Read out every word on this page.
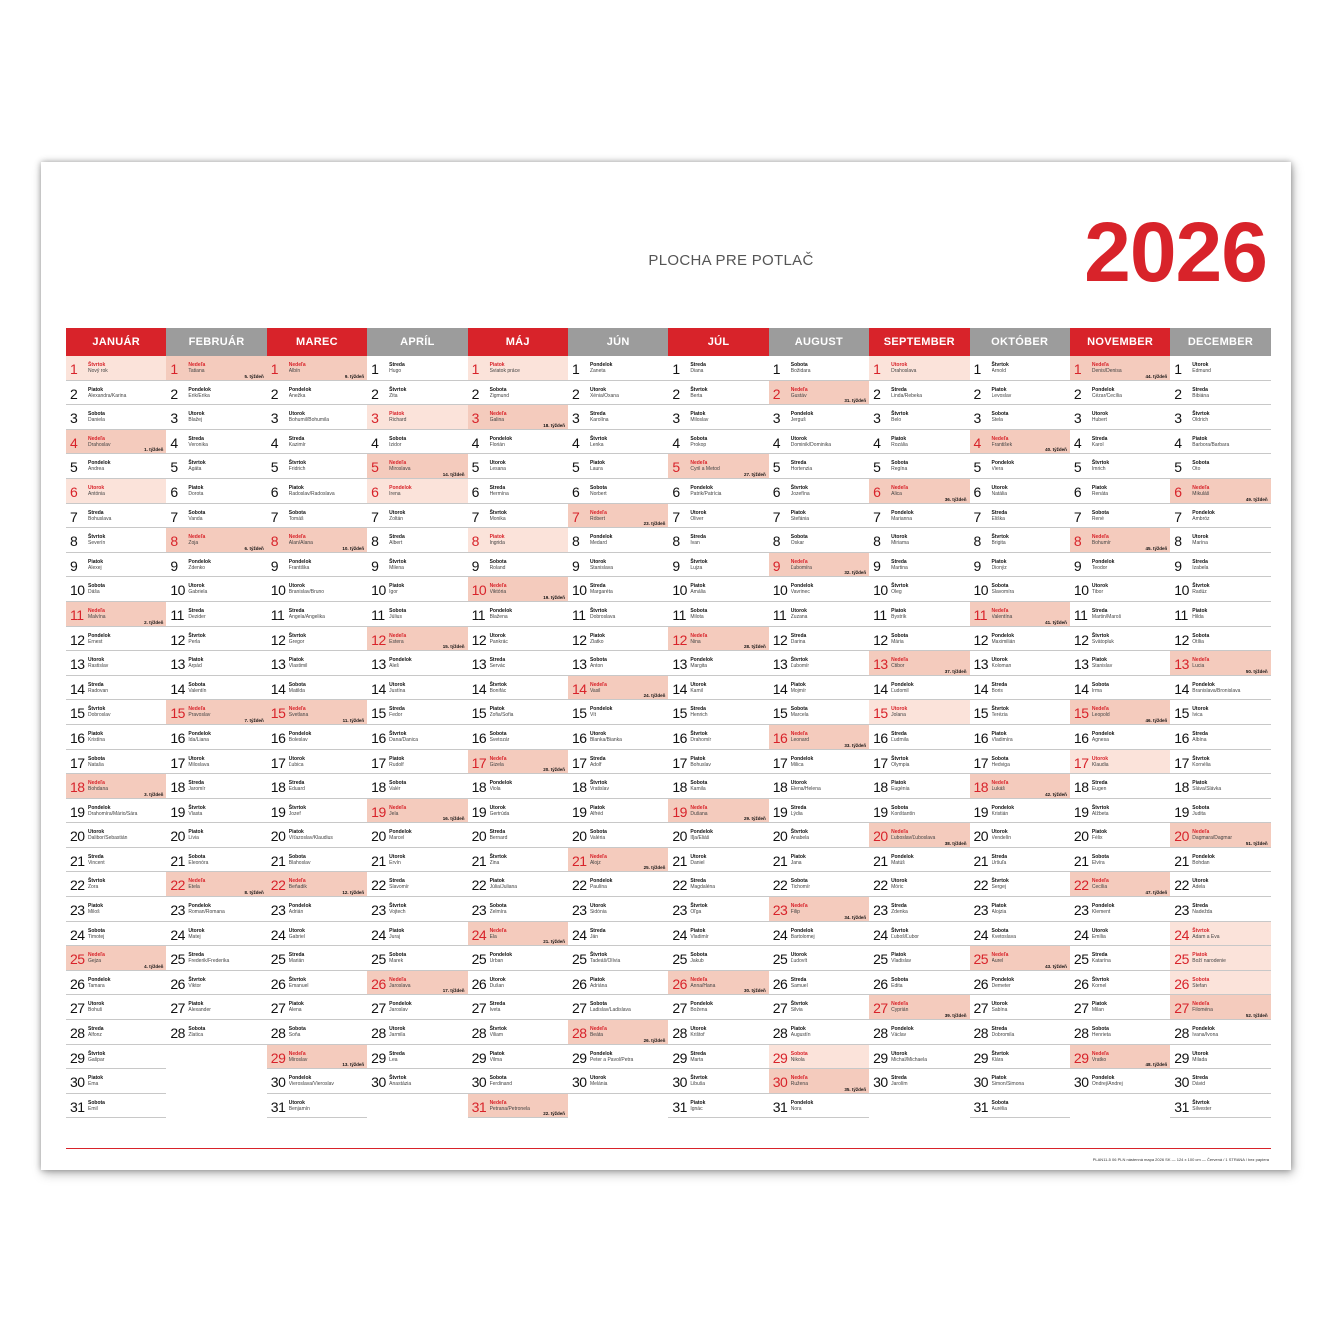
PLOCHA PRE POTLAČ	2026
JANUÁR
1	Štvrtok
Nový rok
2	Piatok
Alexandra/Karina
3	Sobota
Daniela
4	Nedeľa
Drahoslav
1. týždeň
5	Pondelok
Andrea
6	Utorok
Antónia
7	Streda
Bohuslava
8	Štvrtok
Severín
9	Piatok
Alexej
10 Sobota
Dáša
11 Nedeľa
Malvína
2. týždeň
12 Pondelok
Ernest
13 Utorok
Rastislav
14 Streda
Radovan
15 Štvrtok
Dobroslav
16 Piatok
Kristína
17 Sobota
Nataša
18 Nedeľa
Bohdana
3. týždeň
19 Pondelok
Drahomíra/Mário/Sára
20 Utorok
Dalibor/Sebastián
21 Streda
Vincent
22 Štvrtok
Zora
23 Piatok
Miloš
24 Sobota
Timotej
25 Nedeľa
Gejza
4. týždeň
26 Pondelok
Tamara
27 Utorok
Bohuš
28 Streda
Alfonz
29 Štvrtok
Gašpar
30 Piatok
Ema
31 Sobota
Emil
FEBRUÁR
1	Nedeľa
Tatiana
5. týždeň
2	Pondelok
Erik/Erika
3	Utorok
Blažej
4	Streda
Veronika
5	Štvrtok
Agáta
6	Piatok
Dorota
7	Sobota
Vanda
8	Nedeľa
Zoja
6. týždeň
9	Pondelok
Zdenko
10 Utorok
Gabriela
11 Streda
Dezider
12 Štvrtok
Perla
13 Piatok
Arpád
14 Sobota
Valentín
15 Nedeľa
Pravoslav
7. týždeň
16 Pondelok
Ida/Liana
17 Utorok
Miloslava
18 Streda
Jaromír
19 Štvrtok
Vlasta
20 Piatok
Lívia
21 Sobota
Eleonóra
22 Nedeľa
Etela
8. týždeň
23 Pondelok
Roman/Romana
24 Utorok
Matej
25 Streda
Frederik/Frederika
26 Štvrtok
Viktor
27 Piatok
Alexander
28 Sobota
Zlatica
MAREC
1	Nedeľa
Albín
9. týždeň
2	Pondelok
Anežka
3	Utorok
Bohumil/Bohumila
4	Streda
Kazimír
5	Štvrtok
Fridrich
6	Piatok
Radoslav/Radoslava
7	Sobota
Tomáš
8	Nedeľa
Alan/Alana
10. týždeň
9	Pondelok
Františka
10 Utorok
Branislav/Bruno
11 Streda
Angela/Angelika
12 Štvrtok
Gregor
13 Piatok
Vlastimil
14 Sobota
Matilda
15 Nedeľa
Svetlana
11. týždeň
16 Pondelok
Boleslav
17 Utorok
Ľubica
18 Streda
Eduard
19 Štvrtok
Jozef
20 Piatok
Víťazoslav/Klaudius
21 Sobota
Blahoslav
22 Nedeľa
Beňadik
12. týždeň
23 Pondelok
Adrián
24 Utorok
Gabriel
25 Streda
Marián
26 Štvrtok
Emanuel
27 Piatok
Alena
28 Sobota
Soňa
29 Nedeľa
Miroslav
13. týždeň
30 Pondelok
Vieroslava/Vieroslav
31 Utorok
Benjamín
APRÍL
1	Streda
Hugo
2	Štvrtok
Zita
3	Piatok
Richard
4	Sobota
Izidor
5	Nedeľa
Miroslava
14. týždeň
6	Pondelok
Irena
7	Utorok
Zoltán
8	Streda
Albert
9	Štvrtok
Milena
10 Piatok
Igor
11 Sobota
Július
12 Nedeľa
Estera
15. týždeň
13 Pondelok
Aleš
14 Utorok
Justína
15 Streda
Fedor
16 Štvrtok
Dana/Danica
17 Piatok
Rudolf
18 Sobota
Valér
19 Nedeľa
Jela
16. týždeň
20 Pondelok
Marcel
21 Utorok
Ervín
22 Streda
Slavomír
23 Štvrtok
Vojtech
24 Piatok
Juraj
25 Sobota
Marek
26 Nedeľa
Jaroslava
17. týždeň
27 Pondelok
Jaroslav
28 Utorok
Jarmila
29 Streda
Lea
30 Štvrtok
Anastázia
MÁJ
1	Piatok
Sviatok práce
2	Sobota
Žigmund
3	Nedeľa
Galina
18. týždeň
4	Pondelok
Florián
5	Utorok
Lesana
6	Streda
Hermína
7	Štvrtok
Monika
8	Piatok
Ingrida
9	Sobota
Roland
10 Nedeľa
Viktória
19. týždeň
11 Pondelok
Blažena
12 Utorok
Pankrác
13 Streda
Servác
14 Štvrtok
Bonifác
15 Piatok
Žofia/Sofia
16 Sobota
Svetozár
17 Nedeľa
Gizela
20. týždeň
18 Pondelok
Viola
19 Utorok
Gertrúda
20 Streda
Bernard
21 Štvrtok
Zina
22 Piatok
Júlia/Juliana
23 Sobota
Želmíra
24 Nedeľa
Ela
21. týždeň
25 Pondelok
Urban
26 Utorok
Dušan
27 Streda
Iveta
28 Štvrtok
Viliam
29 Piatok
Vilma
30 Sobota
Ferdinand
31 Nedeľa
Petrana/Petronela
22. týždeň
JÚN
1	Pondelok
Žaneta
2	Utorok
Xénia/Oxana
3	Streda
Karolína
4	Štvrtok
Lenka
5	Piatok
Laura
6	Sobota
Norbert
7	Nedeľa
Róbert
23. týždeň
8	Pondelok
Medard
9	Utorok
Stanislava
10 Streda
Margaréta
11 Štvrtok
Dobroslava
12 Piatok
Zlatko
13 Sobota
Anton
14 Nedeľa
Vasil
24. týždeň
15 Pondelok
Vít
16 Utorok
Blanka/Bianka
17 Streda
Adolf
18 Štvrtok
Vratislav
19 Piatok
Alfréd
20 Sobota
Valéria
21 Nedeľa
Alojz
25. týždeň
22 Pondelok
Paulína
23 Utorok
Sidónia
24 Streda
Ján
25 Štvrtok
Tadeáš/Olívia
26 Piatok
Adriána
27 Sobota
Ladislav/Ladislava
28 Nedeľa
Beáta
26. týždeň
29 Pondelok
Peter a Pavol/Petra
30 Utorok
Melánia
JÚL
1	Streda
Diana
2	Štvrtok
Berta
3	Piatok
Miloslav
4	Sobota
Prokop
5	Nedeľa
Cyril a Metod
27. týždeň
6	Pondelok
Patrik/Patrícia
7	Utorok
Oliver
8	Streda
Ivan
9	Štvrtok
Lujza
10 Piatok
Amália
11 Sobota
Milota
12 Nedeľa
Nina
28. týždeň
13 Pondelok
Margita
14 Utorok
Kamil
15 Streda
Henrich
16 Štvrtok
Drahomír
17 Piatok
Bohuslav
18 Sobota
Kamila
19 Nedeľa
Dušana
29. týždeň
20 Pondelok
Iľja/Eliáš
21 Utorok
Daniel
22 Streda
Magdaléna
23 Štvrtok
Oľga
24 Piatok
Vladimír
25 Sobota
Jakub
26 Nedeľa
Anna/Hana
30. týždeň
27 Pondelok
Božena
28 Utorok
Krištof
29 Streda
Marta
30 Štvrtok
Libuša
31 Piatok
Ignác
AUGUST
1	Sobota
Božidara
2	Nedeľa
Gustáv
31. týždeň
3	Pondelok
Jerguš
4	Utorok
Dominik/Dominika
5	Streda
Hortenzia
6	Štvrtok
Jozefína
7	Piatok
Štefánia
8	Sobota
Oskar
9	Nedeľa
Ľubomíra
32. týždeň
10 Pondelok
Vavrinec
11 Utorok
Zuzana
12 Streda
Darina
13 Štvrtok
Ľubomír
14 Piatok
Mojmír
15 Sobota
Marcela
16 Nedeľa
Leonard
33. týždeň
17 Pondelok
Milica
18 Utorok
Elena/Helena
19 Streda
Lýdia
20 Štvrtok
Anabela
21 Piatok
Jana
22 Sobota
Tichomír
23 Nedeľa
Filip
34. týždeň
24 Pondelok
Bartolomej
25 Utorok
Ľudovít
26 Streda
Samuel
27 Štvrtok
Silvia
28 Piatok
Augustín
29 Sobota
Nikola
30 Nedeľa
Ružena
35. týždeň
31 Pondelok
Nora
SEPTEMBER
1	Utorok
Drahoslava
2	Streda
Linda/Rebeka
3	Štvrtok
Belo
4	Piatok
Rozália
5	Sobota
Regína
6	Nedeľa
Alica
36. týždeň
7	Pondelok
Marianna
8	Utorok
Miriama
9	Streda
Martina
10 Štvrtok
Oleg
11 Piatok
Bystrík
12 Sobota
Mária
13 Nedeľa
Ctibor
37. týždeň
14 Pondelok
Ľudomil
15 Utorok
Jolana
16 Streda
Ľudmila
17 Štvrtok
Olympia
18 Piatok
Eugénia
19 Sobota
Konštantín
20 Nedeľa
Ľuboslav/Ľuboslava
38. týždeň
21 Pondelok
Matúš
22 Utorok
Móric
23 Streda
Zdenka
24 Štvrtok
Ľuboš/Ľubor
25 Piatok
Vladislav
26 Sobota
Edita
27 Nedeľa
Cyprián
39. týždeň
28 Pondelok
Václav
29 Utorok
Michal/Michaela
30 Streda
Jarolím
OKTÓBER
1	Štvrtok
Arnold
2	Piatok
Levoslav
3	Sobota
Stela
4	Nedeľa
František
40. týždeň
5	Pondelok
Viera
6	Utorok
Natália
7	Streda
Eliška
8	Štvrtok
Brigita
9	Piatok
Dionýz
10 Sobota
Slavomíra
11 Nedeľa
Valentína
41. týždeň
12 Pondelok
Maximilián
13 Utorok
Koloman
14 Streda
Boris
15 Štvrtok
Terézia
16 Piatok
Vladimíra
17 Sobota
Hedviga
18 Nedeľa
Lukáš
42. týždeň
19 Pondelok
Kristián
20 Utorok
Vendelín
21 Streda
Uršuľa
22 Štvrtok
Sergej
23 Piatok
Alojzia
24 Sobota
Kvetoslava
25 Nedeľa
Aurel
43. týždeň
26 Pondelok
Demeter
27 Utorok
Sabína
28 Streda
Dobromila
29 Štvrtok
Klára
30 Piatok
Šimon/Simona
31 Sobota
Aurélia
NOVEMBER
1	Nedeľa
Denis/Denisa
44. týždeň
2	Pondelok
Cézar/Cecília
3	Utorok
Hubert
4	Streda
Karol
5	Štvrtok
Imrich
6	Piatok
Renáta
7	Sobota
René
8	Nedeľa
Bohumír
45. týždeň
9	Pondelok
Teodor
10 Utorok
Tibor
11 Streda
Martin/Maroš
12 Štvrtok
Svätopluk
13 Piatok
Stanislav
14 Sobota
Irma
15 Nedeľa
Leopold
46. týždeň
16 Pondelok
Agnesa
17 Utorok
Klaudia
18 Streda
Eugen
19 Štvrtok
Alžbeta
20 Piatok
Félix
21 Sobota
Elvíra
22 Nedeľa
Cecília
47. týždeň
23 Pondelok
Klement
24 Utorok
Emília
25 Streda
Katarína
26 Štvrtok
Kornel
27 Piatok
Milan
28 Sobota
Henrieta
29 Nedeľa
Vratko
48. týždeň
30 Pondelok
Ondrej/Andrej
DECEMBER
1	Utorok
Edmund
2	Streda
Bibiána
3	Štvrtok
Oldrich
4	Piatok
Barbora/Barbara
5	Sobota
Oto
6	Nedeľa
Mikuláš
49. týždeň
7	Pondelok
Ambróz
8	Utorok
Marína
9	Streda
Izabela
10 Štvrtok
Radúz
11 Piatok
Hilda
12 Sobota
Otília
13 Nedeľa
Lucia
50. týždeň
14 Pondelok
Branislava/Bronislava
15 Utorok
Ivica
16 Streda
Albína
17 Štvrtok
Kornélia
18 Piatok
Sláva/Slávka
19 Sobota
Judita
20 Nedeľa
Dagmara/Dagmar
51. týždeň
21 Pondelok
Bohdan
22 Utorok
Adela
23 Streda
Nadežda
24 Štvrtok
Adam a Eva
25 Piatok
Boží narodenie
26 Sobota
Štefan
27 Nedeľa
Filoména
52. týždeň
28 Pondelok
Ivana/Ivona
29 Utorok
Milada
30 Streda
Dávid
31 Štvrtok
Silvester
PLAN11-5 06 PLN nástenná mapa 2026 SK — 124 x 100 cm — Červená / 1 STRANA / bez papiera
